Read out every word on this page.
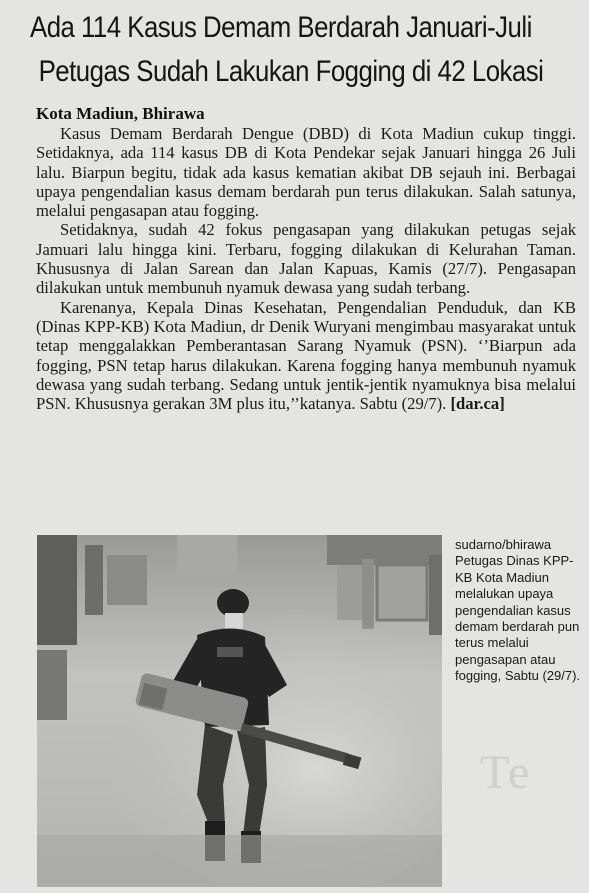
Ada 114 Kasus Demam Berdarah Januari-Juli
Petugas Sudah Lakukan Fogging di 42 Lokasi
Kota Madiun, Bhirawa

Kasus Demam Berdarah Dengue (DBD) di Kota Madiun cukup tinggi. Setidaknya, ada 114 kasus DB di Kota Pendekar sejak Januari hingga 26 Juli lalu. Biarpun begitu, tidak ada kasus kematian akibat DB sejauh ini. Berbagai upaya pengendalian kasus demam berdarah pun terus dilakukan. Salah satunya, melalui pengasapan atau fogging.

Setidaknya, sudah 42 fokus pengasapan yang dilakukan petugas sejak Jamuari lalu hingga kini. Terbaru, fogging dilakukan di Kelurahan Taman. Khususnya di Jalan Sarean dan Jalan Kapuas, Kamis (27/7). Pengasapan dilakukan untuk membunuh nyamuk dewasa yang sudah terbang.

Karenanya, Kepala Dinas Kesehatan, Pengendalian Penduduk, dan KB (Dinas KPP-KB) Kota Madiun, dr Denik Wuryani mengimbau masyarakat untuk tetap menggalakkan Pemberantasan Sarang Nyamuk (PSN). ‘’Biarpun ada fogging, PSN tetap harus dilakukan. Karena fogging hanya membunuh nyamuk dewasa yang sudah terbang. Sedang untuk jentik-jentik nyamuknya bisa melalui PSN. Khususnya gerakan 3M plus itu,’’katanya. Sabtu (29/7). [dar.ca]

sudarno/bhirawa
Petugas Dinas KPP-KB Kota Madiun melalukan upaya pengendalian kasus demam berdarah pun terus melalui pengasapan atau fogging, Sabtu (29/7).
Te
